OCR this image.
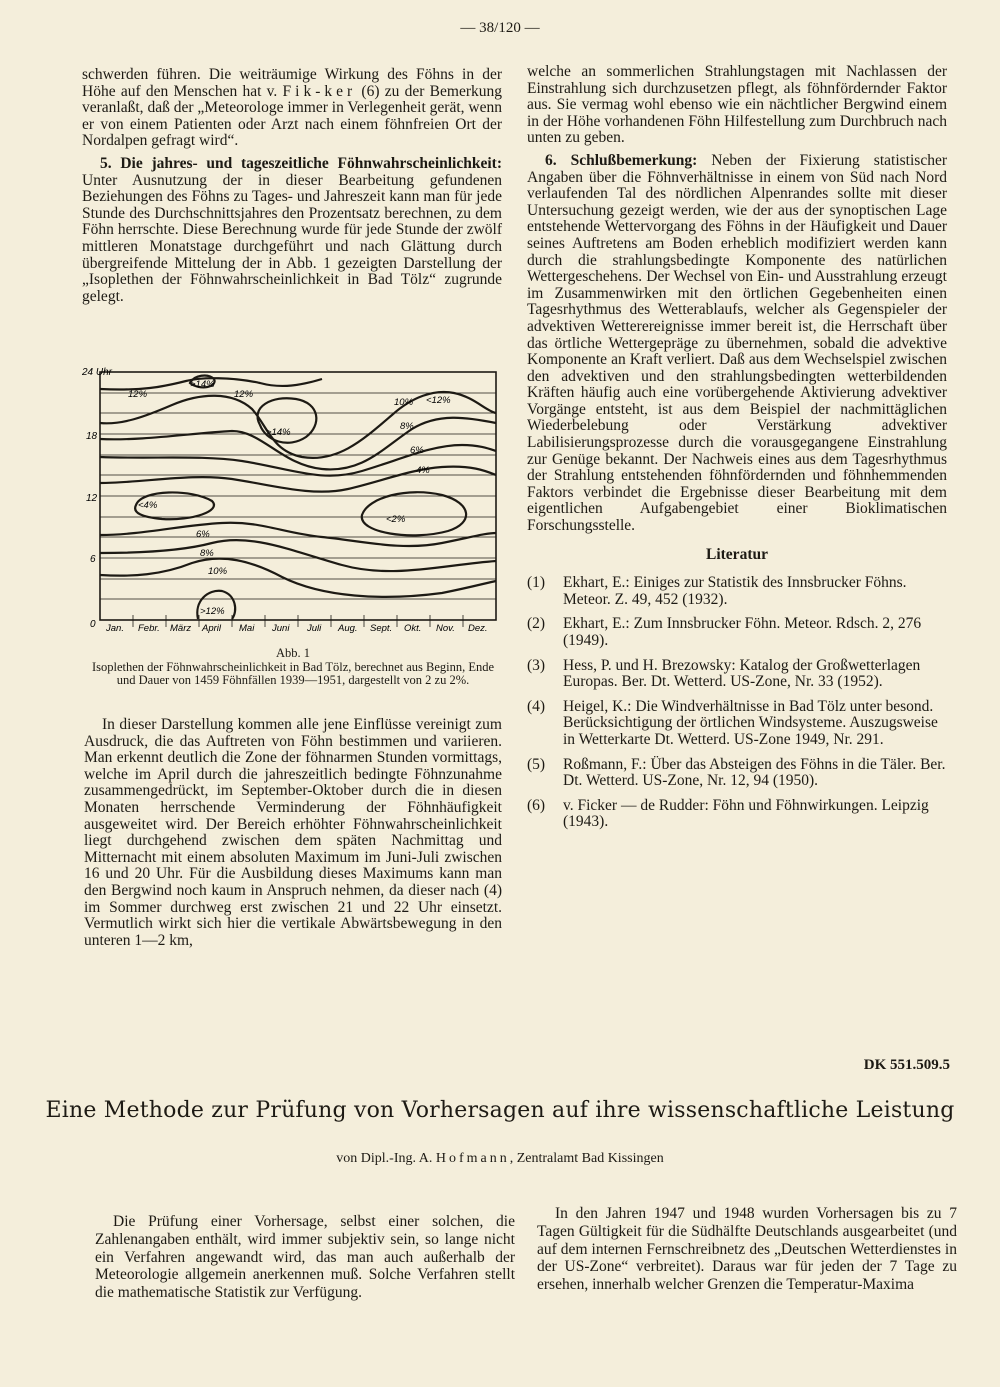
— 38/120 —

schwerden führen. Die weiträumige Wirkung des Föhns in der Höhe auf den Menschen hat v. Fik-ker (6) zu der Bemerkung veranlaßt, daß der „Meteorologe immer in Verlegenheit gerät, wenn er von einem Patienten oder Arzt nach einem föhnfreien Ort der Nordalpen gefragt wird“.

5. Die jahres- und tageszeitliche Föhnwahrscheinlichkeit: Unter Ausnutzung der in dieser Bearbeitung gefundenen Beziehungen des Föhns zu Tages- und Jahreszeit kann man für jede Stunde des Durchschnittsjahres den Prozentsatz berechnen, zu dem Föhn herrschte. Diese Berechnung wurde für jede Stunde der zwölf mittleren Monatstage durchgeführt und nach Glättung durch übergreifende Mittelung der in Abb. 1 gezeigten Darstellung der „Isoplethen der Föhnwahrscheinlichkeit in Bad Tölz“ zugrunde gelegt.

24 Uhr
18
12
6
0 Jan. Febr. März April Mai Juni Juli Aug. Sept. Okt. Nov. Dez.
>14%
12%	12%
10% <12%
>14%
8%
6%
4%
<4%
<2%
6%
8%
10%
>12%
Abb. 1
Isoplethen der Föhnwahrscheinlichkeit in Bad Tölz, berechnet aus Beginn, Ende und Dauer von 1459 Föhnfällen 1939—1951, dargestellt von 2 zu 2%.

In dieser Darstellung kommen alle jene Einflüsse vereinigt zum Ausdruck, die das Auftreten von Föhn bestimmen und variieren. Man erkennt deutlich die Zone der föhnarmen Stunden vormittags, welche im April durch die jahreszeitlich bedingte Föhnzunahme zusammengedrückt, im September-Oktober durch die in diesen Monaten herrschende Verminderung der Föhnhäufigkeit ausgeweitet wird. Der Bereich erhöhter Föhnwahrscheinlichkeit liegt durchgehend zwischen dem späten Nachmittag und Mitternacht mit einem absoluten Maximum im Juni-Juli zwischen 16 und 20 Uhr. Für die Ausbildung dieses Maximums kann man den Bergwind noch kaum in Anspruch nehmen, da dieser nach (4) im Sommer durchweg erst zwischen 21 und 22 Uhr einsetzt. Vermutlich wirkt sich hier die vertikale Abwärtsbewegung in den unteren 1—2 km,

welche an sommerlichen Strahlungstagen mit Nachlassen der Einstrahlung sich durchzusetzen pflegt, als föhnfördernder Faktor aus. Sie vermag wohl ebenso wie ein nächtlicher Bergwind einem in der Höhe vorhandenen Föhn Hilfestellung zum Durchbruch nach unten zu geben.

6. Schlußbemerkung: Neben der Fixierung statistischer Angaben über die Föhnverhältnisse in einem von Süd nach Nord verlaufenden Tal des nördlichen Alpenrandes sollte mit dieser Untersuchung gezeigt werden, wie der aus der synoptischen Lage entstehende Wettervorgang des Föhns in der Häufigkeit und Dauer seines Auftretens am Boden erheblich modifiziert werden kann durch die strahlungsbedingte Komponente des natürlichen Wettergeschehens. Der Wechsel von Ein- und Ausstrahlung erzeugt im Zusammenwirken mit den örtlichen Gegebenheiten einen Tagesrhythmus des Wetterablaufs, welcher als Gegenspieler der advektiven Wetterereignisse immer bereit ist, die Herrschaft über das örtliche Wettergepräge zu übernehmen, sobald die advektive Komponente an Kraft verliert. Daß aus dem Wechselspiel zwischen den advektiven und den strahlungsbedingten wetterbildenden Kräften häufig auch eine vorübergehende Aktivierung advektiver Vorgänge entsteht, ist aus dem Beispiel der nachmittäglichen Wiederbelebung oder Verstärkung advektiver Labilisierungsprozesse durch die vorausgegangene Einstrahlung zur Genüge bekannt. Der Nachweis eines aus dem Tagesrhythmus der Strahlung entstehenden föhnfördernden und föhnhemmenden Faktors verbindet die Ergebnisse dieser Bearbeitung mit dem eigentlichen Aufgabengebiet einer Bioklimatischen Forschungsstelle.

Literatur

(1) Ekhart, E.: Einiges zur Statistik des Innsbrucker Föhns. Meteor. Z. 49, 452 (1932).
(2) Ekhart, E.: Zum Innsbrucker Föhn. Meteor. Rdsch. 2, 276 (1949).
(3) Hess, P. und H. Brezowsky: Katalog der Großwetterlagen Europas. Ber. Dt. Wetterd. US-Zone, Nr. 33 (1952).
(4) Heigel, K.: Die Windverhältnisse in Bad Tölz unter besond. Berücksichtigung der örtlichen Windsysteme. Auszugsweise in Wetterkarte Dt. Wetterd. US-Zone 1949, Nr. 291.
(5) Roßmann, F.: Über das Absteigen des Föhns in die Täler. Ber. Dt. Wetterd. US-Zone, Nr. 12, 94 (1950).
(6) v. Ficker — de Rudder: Föhn und Föhnwirkungen. Leipzig (1943).
DK 551.509.5
Eine Methode zur Prüfung von Vorhersagen auf ihre wissenschaftliche Leistung
von Dipl.-Ing. A. Hofmann, Zentralamt Bad Kissingen

Die Prüfung einer Vorhersage, selbst einer solchen, die Zahlenangaben enthält, wird immer subjektiv sein, so lange nicht ein Verfahren angewandt wird, das man auch außerhalb der Meteorologie allgemein anerkennen muß. Solche Verfahren stellt die mathematische Statistik zur Verfügung.

In den Jahren 1947 und 1948 wurden Vorhersagen bis zu 7 Tagen Gültigkeit für die Südhälfte Deutschlands ausgearbeitet (und auf dem internen Fernschreibnetz des „Deutschen Wetterdienstes in der US-Zone“ verbreitet). Daraus war für jeden der 7 Tage zu ersehen, innerhalb welcher Grenzen die Temperatur-Maxima
